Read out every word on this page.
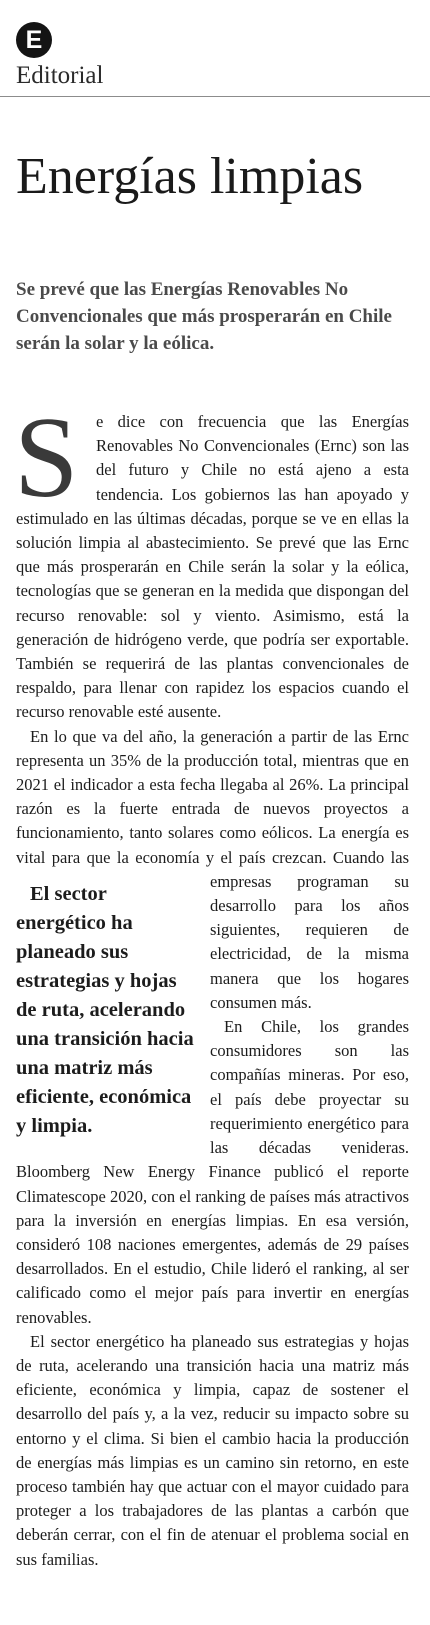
E
Editorial
Energías limpias
Se prevé que las Energías Renovables No Convencionales que más prosperarán en Chile serán la solar y la eólica.

S	e dice con frecuencia que las Energías Renovables No Convencionales (Ernc) son las del futuro y Chile no está ajeno a esta tendencia. Los gobiernos las han apoyado y estimulado en las últimas décadas, porque se ve en ellas la solución limpia al abastecimiento. Se prevé que las Ernc que más prosperarán en Chile serán la solar y la eólica, tecnologías que se generan en la medida que dispongan del recurso renovable: sol y viento. Asimismo, está la generación de hidrógeno verde, que podría ser exportable. También se requerirá de las plantas convencionales de respaldo, para llenar con rapidez los espacios cuando el recurso renovable esté ausente.

En lo que va del año, la generación a partir de las Ernc representa un 35% de la producción total, mientras que en 2021 el indicador a esta fecha llegaba al 26%. La principal razón es la fuerte entrada de nuevos proyectos a funcionamiento, tanto solares como eólicos. La energía es vital para que la economía y el
El sector energético ha planeado sus estrategias y hojas de ruta, acelerando una transición hacia una matriz más eficiente, económica y limpia.
país crezcan. Cuando las empresas programan su desarrollo para los años siguientes, requieren de electricidad, de la misma manera que los hogares consumen más.

En Chile, los grandes consumidores son las compañías mineras. Por eso, el país debe proyectar su requerimiento energético para las décadas venideras. Bloomberg New Energy Finance publicó el reporte Climatescope 2020, con el ranking de países más atractivos para la inversión en energías limpias. En esa versión, consideró 108 naciones emergentes, además de 29 países desarrollados. En el estudio, Chile lideró el ranking, al ser calificado como el mejor país para invertir en energías renovables.

El sector energético ha planeado sus estrategias y hojas de ruta, acelerando una transición hacia una matriz más eficiente, económica y limpia, capaz de sostener el desarrollo del país y, a la vez, reducir su impacto sobre su entorno y el clima. Si bien el cambio hacia la producción de energías más limpias es un camino sin retorno, en este proceso también hay que actuar con el mayor cuidado para proteger a los trabajadores de las plantas a carbón que deberán cerrar, con el fin de atenuar el problema social en sus familias.
